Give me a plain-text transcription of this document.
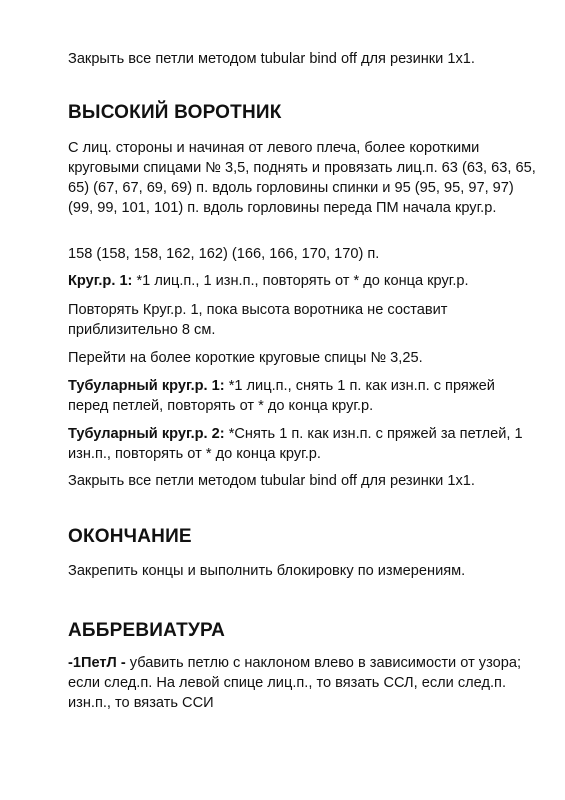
Закрыть все петли методом tubular bind off для резинки 1x1.

ВЫСОКИЙ ВОРОТНИК

С лиц. стороны и начиная от левого плеча, более короткими круговыми спицами № 3,5, поднять и провязать лиц.п. 63 (63, 63, 65, 65) (67, 67, 69, 69) п. вдоль горловины спинки и 95 (95, 95, 97, 97) (99, 99, 101, 101) п. вдоль горловины переда ПМ начала круг.р.

158 (158, 158, 162, 162) (166, 166, 170, 170) п.

Круг.р. 1: *1 лиц.п., 1 изн.п., повторять от * до конца круг.р.

Повторять Круг.р. 1, пока высота воротника не составит приблизительно 8 см.

Перейти на более короткие круговые спицы № 3,25.

Тубуларный круг.р. 1: *1 лиц.п., снять 1 п. как изн.п. с пряжей перед петлей, повторять от * до конца круг.р.

Тубуларный круг.р. 2: *Снять 1 п. как изн.п. с пряжей за петлей, 1 изн.п., повторять от * до конца круг.р.

Закрыть все петли методом tubular bind off для резинки 1x1.

ОКОНЧАНИЕ

Закрепить концы и выполнить блокировку по измерениям.

АББРЕВИАТУРА

-1ПетЛ - убавить петлю с наклоном влево в зависимости от узора; если след.п. На левой спице лиц.п., то вязать ССЛ, если след.п. изн.п., то вязать ССИ
